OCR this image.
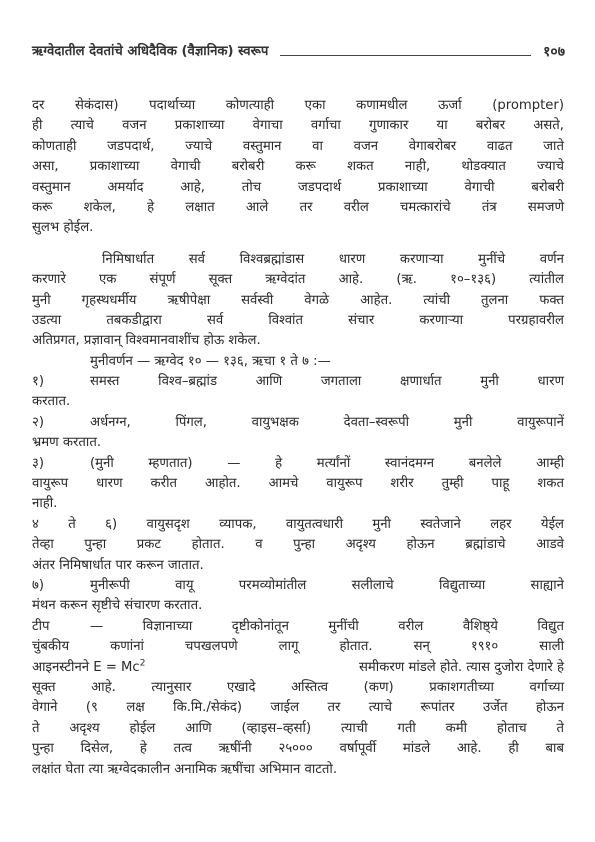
ऋग्वेदातील देवतांचे अधिदैविक (वैज्ञानिक) स्वरूप	१०७
दर सेकंदास) पदार्थाच्या कोणत्याही एका कणामधील ऊर्जा (prompter)
ही त्याचे वजन प्रकाशाच्या वेगाचा वर्गाचा गुणाकार या बरोबर असते,
कोणताही जडपदार्थ, ज्याचे वस्तुमान वा वजन वेगाबरोबर वाढत जाते
असा, प्रकाशाच्या वेगाची बरोबरी करू शकत नाही, थोडक्यात ज्याचे
वस्तुमान अमर्याद आहे, तोच जडपदार्थ प्रकाशाच्या वेगाची बरोबरी
करू शकेल, हे लक्षात आले तर वरील चमत्कारांचे तंत्र समजणे
सुलभ होईल.
निमिषार्धात सर्व विश्वब्रह्मांडास धारण करणाऱ्या मुनींचे वर्णन
करणारे एक संपूर्ण सूक्त ऋग्वेदांत आहे. (ऋ. १०–१३६) त्यांतील
मुनी गृहस्थधर्मीय ऋषीपेक्षा सर्वस्वी वेगळे आहेत. त्यांची तुलना फक्त
उडत्या तबकडीद्वारा सर्व विश्वांत संचार करणाऱ्या परग्रहावरील
अतिप्रगत, प्रज्ञावान् विश्वमानवाशींच होऊ शकेल.
मुनीवर्णन — ऋग्वेद १० — १३६, ऋचा १ ते ७ :—
१)	समस्त विश्व–ब्रह्मांड आणि जगताला क्षणार्धात मुनी धारण
करतात.
२)	अर्धनग्न, पिंगल, वायुभक्षक देवता–स्वरूपी मुनी वायुरूपानें
भ्रमण करतात.
३)	(मुनी म्हणतात) — हे मर्त्यांनों स्वानंदमग्न बनलेले आम्ही
वायुरूप धारण करीत आहोत. आमचे वायुरूप शरीर तुम्ही पाहू शकत
नाही.
४ ते ६) वायुसदृश व्यापक, वायुतत्वधारी मुनी स्वतेजाने लहर येईल
तेव्हा पुन्हा प्रकट होतात. व पुन्हा अदृश्य होऊन ब्रह्मांडाचे आडवे
अंतर निमिषार्धात पार करून जातात.
७)	मुनीरूपी वायू परमव्योमांतील सलीलाचे विद्युताच्या साह्याने
मंथन करून सृष्टीचे संचारण करतात.
टीप	— विज्ञानाच्या दृष्टीकोनांतून मुनींची वरील वैशिष्ठ्ये विद्युत
चुंबकीय कणांनां चपखलपणे लागू होतात. सन् १९१० साली
आइनस्टीनने $E = Mc^2$	समीकरण मांडले होते. त्यास दुजोरा देणारे हे
सूक्त आहे. त्यानुसार एखादे अस्तित्व (कण) प्रकाशगतीच्या वर्गाच्या
वेगाने (९ लक्ष कि.मि./सेकंद) जाईल तर त्याचे रूपांतर उर्जेत होऊन
ते अदृश्य होईल आणि (व्हाइस–व्हर्सा) त्याची गती कमी होताच ते
पुन्हा दिसेल, हे तत्व ऋषींनी २५००० वर्षापूर्वी मांडले आहे. ही बाब
लक्षांत घेता त्या ऋग्वेदकालीन अनामिक ऋषींचा अभिमान वाटतो.
